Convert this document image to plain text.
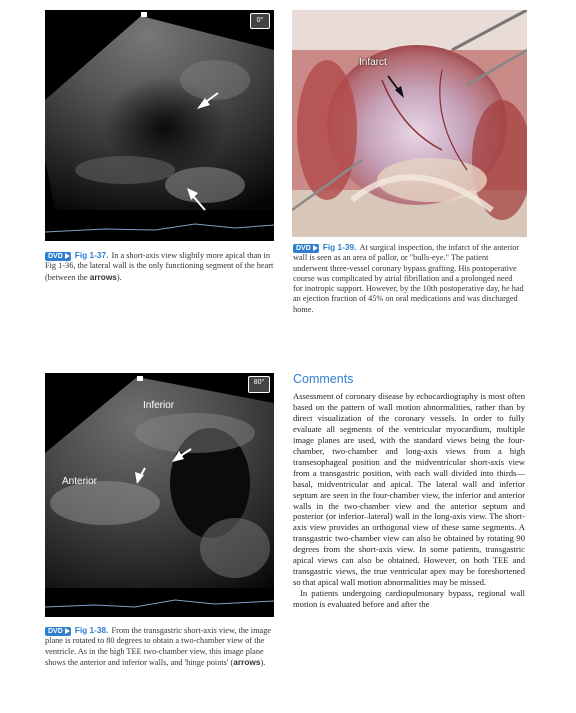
0°
DVD Fig 1-37. In a short-axis view slightly more apical than in Fig 1-36, the lateral wall is the only functioning segment of the heart (between the arrows).
Infarct
DVD Fig 1-39. At surgical inspection, the infarct of the anterior wall is seen as an area of pallor, or "bulls-eye." The patient underwent three-vessel coronary bypass grafting. His postoperative course was complicated by atrial fibrillation and a prolonged need for inotropic support. However, by the 10th postoperative day, he had an ejection fraction of 45% on oral medications and was discharged home.
80°
Inferior
Anterior
DVD Fig 1-38. From the transgastric short-axis view, the image plane is rotated to 80 degrees to obtain a two-chamber view of the ventricle. As in the high TEE two-chamber view, this image plane shows the anterior and inferior walls, and 'hinge points' (arrows).
Comments

Assessment of coronary disease by echocardiography is most often based on the pattern of wall motion abnormalities, rather than by direct visualization of the coronary vessels. In order to fully evaluate all segments of the ventricular myocardium, multiple image planes are used, with the standard views being the four-chamber, two-chamber and long-axis views from a high transesophageal position and the midventricular short-axis view from a transgastric position, with each wall divided into thirds—basal, midventricular and apical. The lateral wall and inferior septum are seen in the four-chamber view, the inferior and anterior walls in the two-chamber view and the anterior septum and posterior (or inferior–lateral) wall in the long-axis view. The short-axis view provides an orthogonal view of these same segments. A transgastric two-chamber view can also be obtained by rotating 90 degrees from the short-axis view. In some patients, transgastric apical views can also be obtained. However, on both TEE and transgastric views, the true ventricular apex may be foreshortened so that apical wall motion abnormalities may be missed.

In patients undergoing cardiopulmonary bypass, regional wall motion is evaluated before and after the
